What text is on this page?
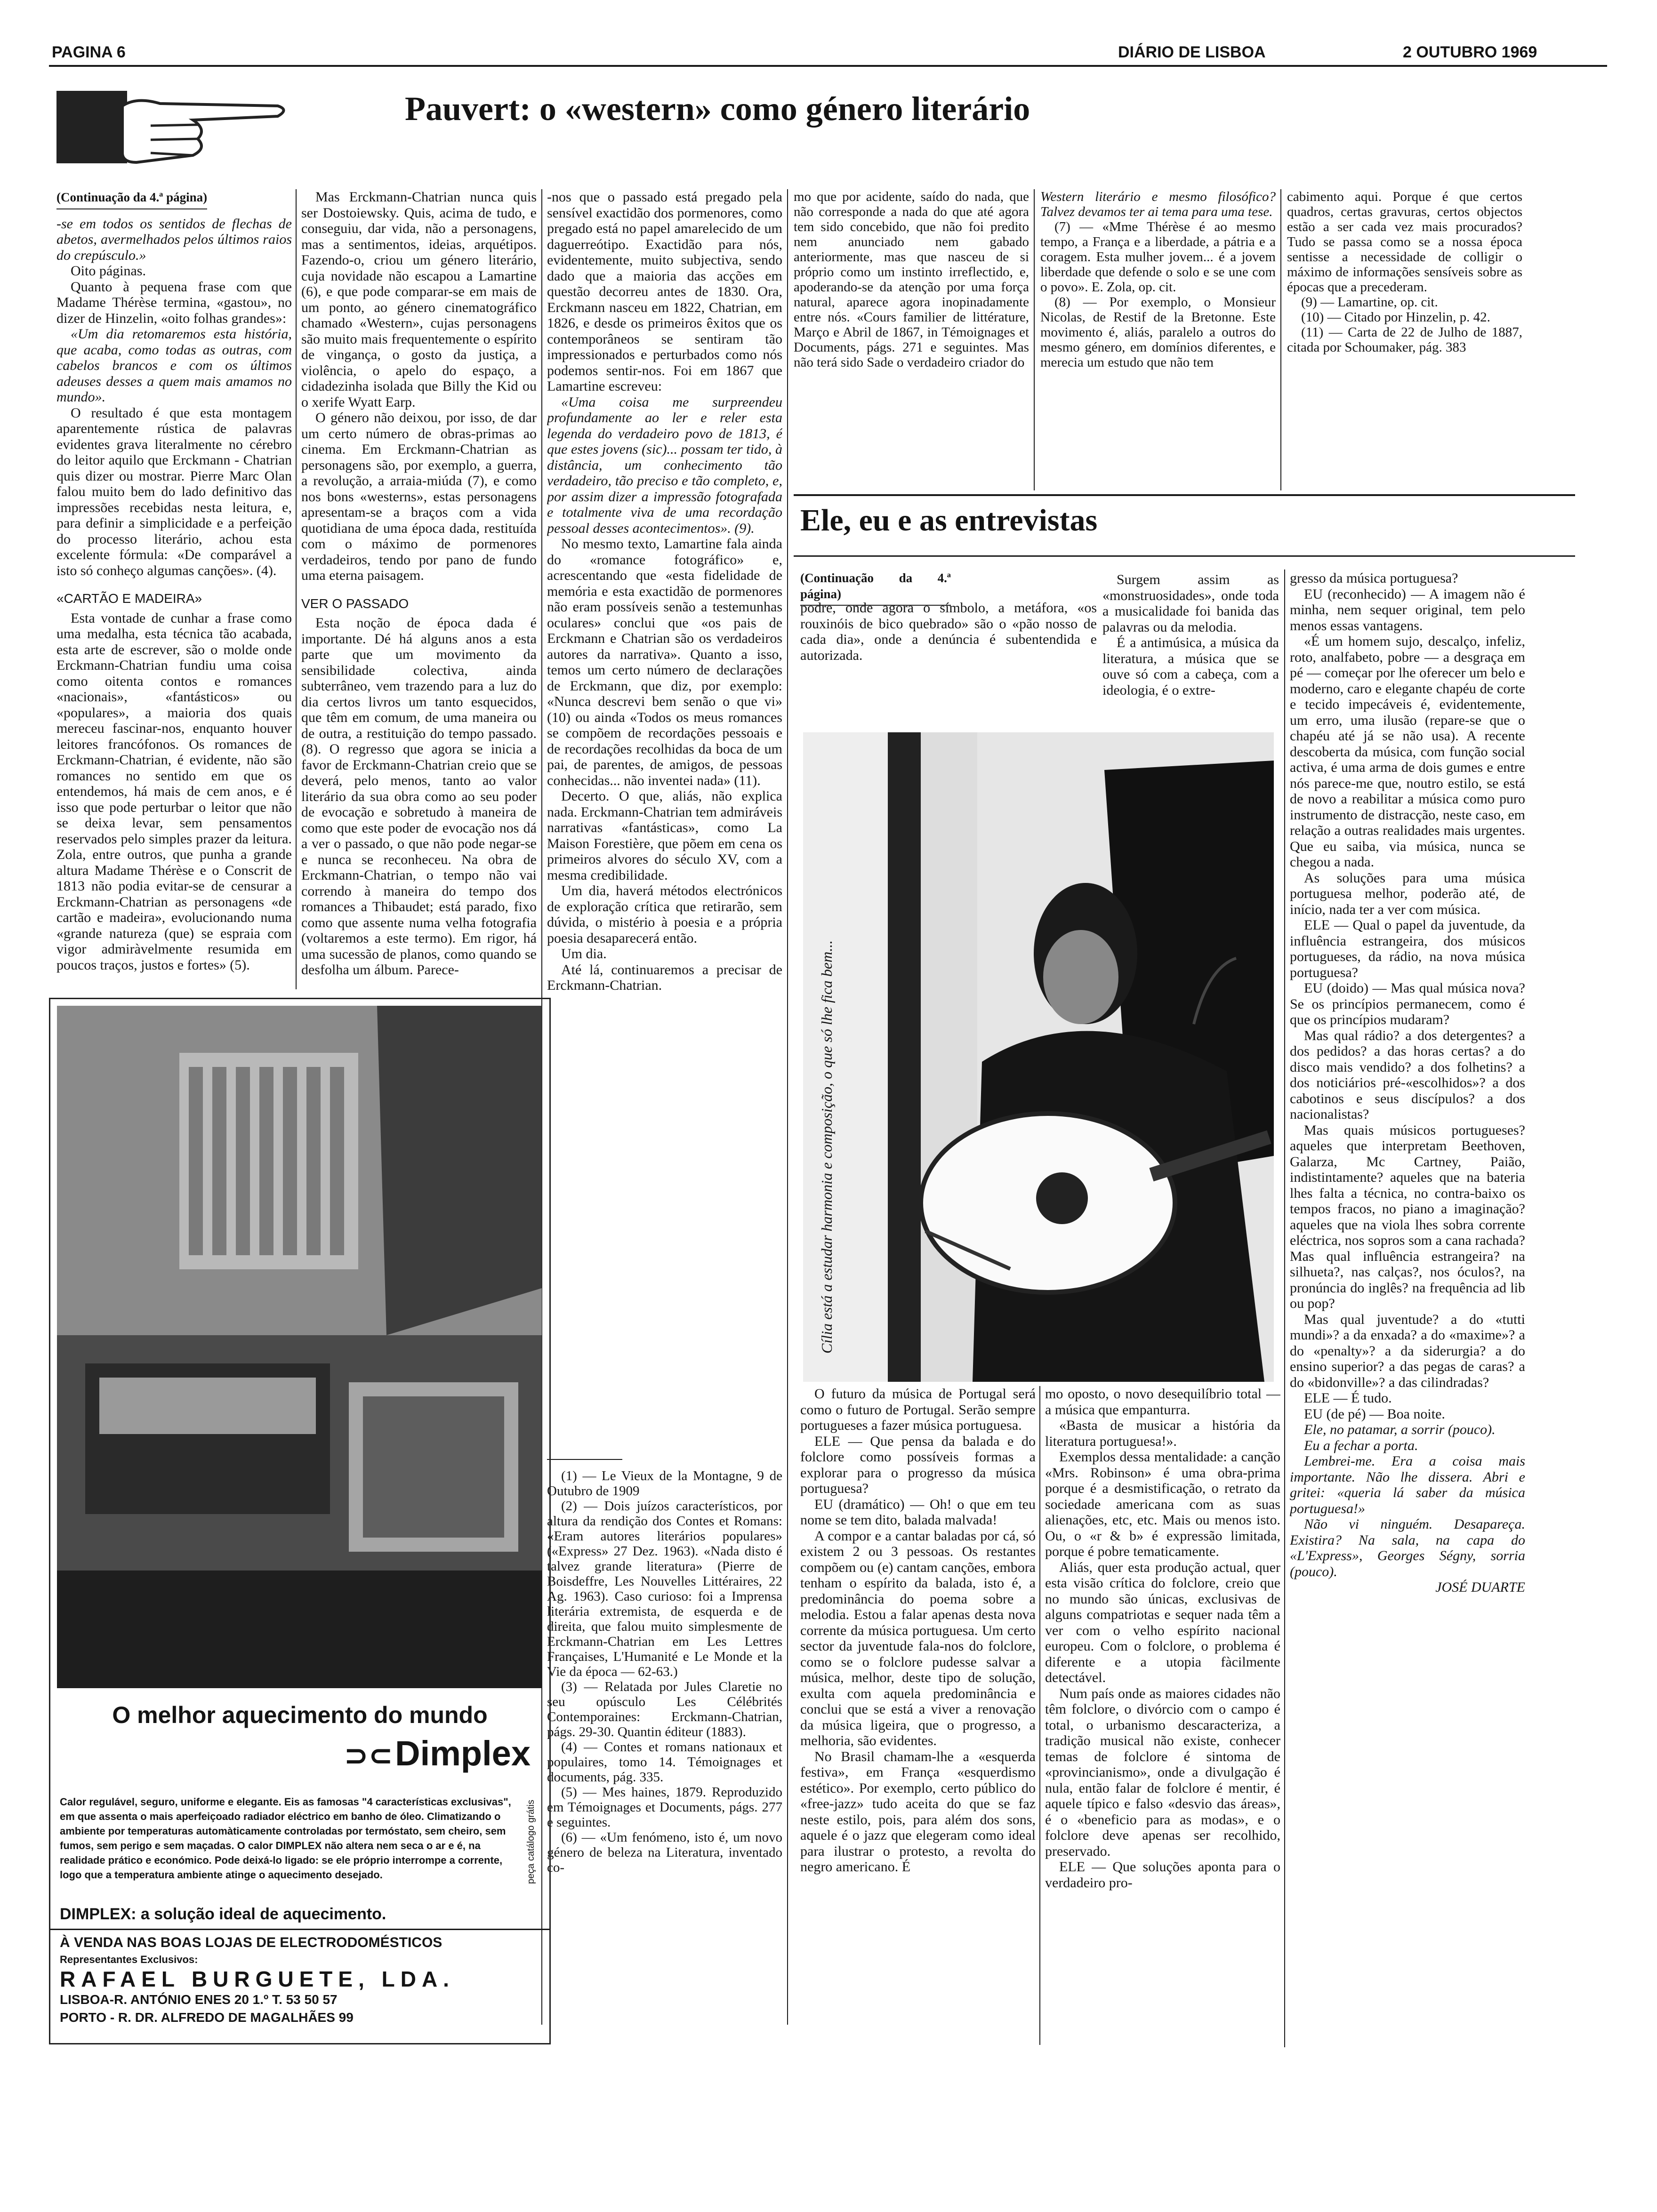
PAGINA 6	DIÁRIO DE LISBOA	2 OUTUBRO 1969
Pauvert: o «western» como género literário

(Continuação da 4.ª página)

-se em todos os sentidos de flechas de abetos, avermelhados pelos últimos raios do crepúsculo.»

Oito páginas.

Quanto à pequena frase com que Madame Thérèse termina, «gastou», no dizer de Hinzelin, «oito folhas grandes»:

«Um dia retomaremos esta história, que acaba, como todas as outras, com cabelos brancos e com os últimos adeuses desses a quem mais amamos no mundo».

O resultado é que esta montagem aparentemente rústica de palavras evidentes grava literalmente no cérebro do leitor aquilo que Erckmann - Chatrian quis dizer ou mostrar. Pierre Marc Olan falou muito bem do lado definitivo das impressões recebidas nesta leitura, e, para definir a simplicidade e a perfeição do processo literário, achou esta excelente fórmula: «De comparável a isto só conheço algumas canções». (4).

«CARTÃO E MADEIRA»

Esta vontade de cunhar a frase como uma medalha, esta técnica tão acabada, esta arte de escrever, são o molde onde Erckmann-Chatrian fundiu uma coisa como oitenta contos e romances «nacionais», «fantásticos» ou «populares», a maioria dos quais mereceu fascinar-nos, enquanto houver leitores francófonos. Os romances de Erckmann-Chatrian, é evidente, não são romances no sentido em que os entendemos, há mais de cem anos, e é isso que pode perturbar o leitor que não se deixa levar, sem pensamentos reservados pelo simples prazer da leitura. Zola, entre outros, que punha a grande altura Madame Thérèse e o Conscrit de 1813 não podia evitar-se de censurar a Erckmann-Chatrian as personagens «de cartão e madeira», evolucionando numa «grande natureza (que) se espraia com vigor admiràvelmente resumida em poucos traços, justos e fortes» (5).

Mas Erckmann-Chatrian nunca quis ser Dostoiewsky. Quis, acima de tudo, e conseguiu, dar vida, não a personagens, mas a sentimentos, ideias, arquétipos. Fazendo-o, criou um género literário, cuja novidade não escapou a Lamartine (6), e que pode comparar-se em mais de um ponto, ao género cinematográfico chamado «Western», cujas personagens são muito mais frequentemente o espírito de vingança, o gosto da justiça, a violência, o apelo do espaço, a cidadezinha isolada que Billy the Kid ou o xerife Wyatt Earp.

O género não deixou, por isso, de dar um certo número de obras-primas ao cinema. Em Erckmann-Chatrian as personagens são, por exemplo, a guerra, a revolução, a arraia-miúda (7), e como nos bons «westerns», estas personagens apresentam-se a braços com a vida quotidiana de uma época dada, restituída com o máximo de pormenores verdadeiros, tendo por pano de fundo uma eterna paisagem.

VER O PASSADO

Esta noção de época dada é importante. Dé há alguns anos a esta parte que um movimento da sensibilidade colectiva, ainda subterrâneo, vem trazendo para a luz do dia certos livros um tanto esquecidos, que têm em comum, de uma maneira ou de outra, a restituição do tempo passado. (8). O regresso que agora se inicia a favor de Erckmann-Chatrian creio que se deverá, pelo menos, tanto ao valor literário da sua obra como ao seu poder de evocação e sobretudo à maneira de como que este poder de evocação nos dá a ver o passado, o que não pode negar-se e nunca se reconheceu. Na obra de Erckmann-Chatrian, o tempo não vai correndo à maneira do tempo dos romances a Thibaudet; está parado, fixo como que assente numa velha fotografia (voltaremos a este termo). Em rigor, há uma sucessão de planos, como quando se desfolha um álbum. Parece-

-nos que o passado está pregado pela sensível exactidão dos pormenores, como pregado está no papel amarelecido de um daguerreótipo. Exactidão para nós, evidentemente, muito subjectiva, sendo dado que a maioria das acções em questão decorreu antes de 1830. Ora, Erckmann nasceu em 1822, Chatrian, em 1826, e desde os primeiros êxitos que os contemporâneos se sentiram tão impressionados e perturbados como nós podemos sentir-nos. Foi em 1867 que Lamartine escreveu:

«Uma coisa me surpreendeu profundamente ao ler e reler esta legenda do verdadeiro povo de 1813, é que estes jovens (sic)... possam ter tido, à distância, um conhecimento tão verdadeiro, tão preciso e tão completo, e, por assim dizer a impressão fotografada e totalmente viva de uma recordação pessoal desses acontecimentos». (9).

No mesmo texto, Lamartine fala ainda do «romance fotográfico» e, acrescentando que «esta fidelidade de memória e esta exactidão de pormenores não eram possíveis senão a testemunhas oculares» conclui que «os pais de Erckmann e Chatrian são os verdadeiros autores da narrativa». Quanto a isso, temos um certo número de declarações de Erckmann, que diz, por exemplo: «Nunca descrevi bem senão o que vi» (10) ou ainda «Todos os meus romances se compõem de recordações pessoais e de recordações recolhidas da boca de um pai, de parentes, de amigos, de pessoas conhecidas... não inventei nada» (11).

Decerto. O que, aliás, não explica nada. Erckmann-Chatrian tem admiráveis narrativas «fantásticas», como La Maison Forestière, que põem em cena os primeiros alvores do século XV, com a mesma credibilidade.

Um dia, haverá métodos electrónicos de exploração crítica que retirarão, sem dúvida, o mistério à poesia e a própria poesia desaparecerá então.

Um dia.

Até lá, continuaremos a precisar de Erckmann-Chatrian.

(1) — Le Vieux de la Montagne, 9 de Outubro de 1909

(2) — Dois juízos característicos, por altura da rendição dos Contes et Romans: «Eram autores literários populares» («Express» 27 Dez. 1963). «Nada disto é talvez grande literatura» (Pierre de Boisdeffre, Les Nouvelles Littéraires, 22 Ag. 1963). Caso curioso: foi a Imprensa literária extremista, de esquerda e de direita, que falou muito simplesmente de Erckmann-Chatrian em Les Lettres Françaises, L'Humanité e Le Monde et la Vie da época — 62-63.)

(3) — Relatada por Jules Claretie no seu opúsculo Les Célébrités Contemporaines: Erckmann-Chatrian, págs. 29-30. Quantin éditeur (1883).

(4) — Contes et romans nationaux et populaires, tomo 14. Témoignages et documents, pág. 335.

(5) — Mes haines, 1879. Reproduzido em Témoignages et Documents, págs. 277 e seguintes.

(6) — «Um fenómeno, isto é, um novo género de beleza na Literatura, inventado co-

mo que por acidente, saído do nada, que não corresponde a nada do que até agora tem sido concebido, que não foi predito nem anunciado nem gabado anteriormente, mas que nasceu de si próprio como um instinto irreflectido, e, apoderando-se da atenção por uma força natural, aparece agora inopinadamente entre nós. «Cours familier de littérature, Março e Abril de 1867, in Témoignages et Documents, págs. 271 e seguintes. Mas não terá sido Sade o verdadeiro criador do

Western literário e mesmo filosófico? Talvez devamos ter ai tema para uma tese.

(7) — «Mme Thérèse é ao mesmo tempo, a França e a liberdade, a pátria e a coragem. Esta mulher jovem... é a jovem liberdade que defende o solo e se une com o povo». E. Zola, op. cit.

(8) — Por exemplo, o Monsieur Nicolas, de Restif de la Bretonne. Este movimento é, aliás, paralelo a outros do mesmo género, em domínios diferentes, e merecia um estudo que não tem

cabimento aqui. Porque é que certos quadros, certas gravuras, certos objectos estão a ser cada vez mais procurados? Tudo se passa como se a nossa época sentisse a necessidade de colligir o máximo de informações sensíveis sobre as épocas que a precederam.

(9) — Lamartine, op. cit.

(10) — Citado por Hinzelin, p. 42.

(11) — Carta de 22 de Julho de 1887, citada por Schoumaker, pág. 383

Ele, eu e as entrevistas

(Continuação da 4.ª página)

podre, onde agora o símbolo, a metáfora, «os rouxinóis de bico quebrado» são o «pão nosso de cada dia», onde a denúncia é subentendida e autorizada.

Surgem assim as «monstruosidades», onde toda a musicalidade foi banida das palavras ou da melodia.

É a antimúsica, a música da literatura, a música que se ouve só com a cabeça, com a ideologia, é o extre-

Cília está a estudar harmonia e composição, o que só lhe fica bem...

O futuro da música de Portugal será como o futuro de Portugal. Serão sempre portugueses a fazer música portuguesa.

ELE — Que pensa da balada e do folclore como possíveis formas a explorar para o progresso da música portuguesa?

EU (dramático) — Oh! o que em teu nome se tem dito, balada malvada!

A compor e a cantar baladas por cá, só existem 2 ou 3 pessoas. Os restantes compõem ou (e) cantam canções, embora tenham o espírito da balada, isto é, a predominância do poema sobre a melodia. Estou a falar apenas desta nova corrente da música portuguesa. Um certo sector da juventude fala-nos do folclore, como se o folclore pudesse salvar a música, melhor, deste tipo de solução, exulta com aquela predominância e conclui que se está a viver a renovação da música ligeira, que o progresso, a melhoria, são evidentes.

No Brasil chamam-lhe a «esquerda festiva», em França «esquerdismo estético». Por exemplo, certo público do «free-jazz» tudo aceita do que se faz neste estilo, pois, para além dos sons, aquele é o jazz que elegeram como ideal para ilustrar o protesto, a revolta do negro americano. É

mo oposto, o novo desequilíbrio total — a música que empanturra.

«Basta de musicar a história da literatura portuguesa!».

Exemplos dessa mentalidade: a canção «Mrs. Robinson» é uma obra-prima porque é a desmistificação, o retrato da sociedade americana com as suas alienações, etc, etc. Mais ou menos isto. Ou, o «r & b» é expressão limitada, porque é pobre tematicamente.

Aliás, quer esta produção actual, quer esta visão crítica do folclore, creio que no mundo são únicas, exclusivas de alguns compatriotas e sequer nada têm a ver com o velho espírito nacional europeu. Com o folclore, o problema é diferente e a utopia fàcilmente detectável.

Num país onde as maiores cidades não têm folclore, o divórcio com o campo é total, o urbanismo descaracteriza, a tradição musical não existe, conhecer temas de folclore é sintoma de «provincianismo», onde a divulgação é nula, então falar de folclore é mentir, é aquele típico e falso «desvio das áreas», é o «beneficio para as modas», e o folclore deve apenas ser recolhido, preservado.

ELE — Que soluções aponta para o verdadeiro pro-

gresso da música portuguesa?

EU (reconhecido) — A imagem não é minha, nem sequer original, tem pelo menos essas vantagens.

«É um homem sujo, descalço, infeliz, roto, analfabeto, pobre — a desgraça em pé — começar por lhe oferecer um belo e moderno, caro e elegante chapéu de corte e tecido impecáveis é, evidentemente, um erro, uma ilusão (repare-se que o chapéu até já se não usa). A recente descoberta da música, com função social activa, é uma arma de dois gumes e entre nós parece-me que, noutro estilo, se está de novo a reabilitar a música como puro instrumento de distracção, neste caso, em relação a outras realidades mais urgentes. Que eu saiba, via música, nunca se chegou a nada.

As soluções para uma música portuguesa melhor, poderão até, de início, nada ter a ver com música.

ELE — Qual o papel da juventude, da influência estrangeira, dos músicos portugueses, da rádio, na nova música portuguesa?

EU (doido) — Mas qual música nova? Se os princípios permanecem, como é que os princípios mudaram?

Mas qual rádio? a dos detergentes? a dos pedidos? a das horas certas? a do disco mais vendido? a dos folhetins? a dos noticiários pré-«escolhidos»? a dos cabotinos e seus discípulos? a dos nacionalistas?

Mas quais músicos portugueses? aqueles que interpretam Beethoven, Galarza, Mc Cartney, Paião, indistintamente? aqueles que na bateria lhes falta a técnica, no contra-baixo os tempos fracos, no piano a imaginação? aqueles que na viola lhes sobra corrente eléctrica, nos sopros som a cana rachada? Mas qual influência estrangeira? na silhueta?, nas calças?, nos óculos?, na pronúncia do inglês? na frequência ad lib ou pop?

Mas qual juventude? a do «tutti mundi»? a da enxada? a do «maxime»? a do «penalty»? a da siderurgia? a do ensino superior? a das pegas de caras? a do «bidonville»? a das cilindradas?

ELE — É tudo.

EU (de pé) — Boa noite.

Ele, no patamar, a sorrir (pouco).

Eu a fechar a porta.

Lembrei-me. Era a coisa mais importante. Não lhe dissera. Abri e gritei: «queria lá saber da música portuguesa!»

Não vi ninguém. Desapareça. Existira? Na sala, na capa do «L'Express», Georges Ségny, sorria (pouco).

JOSÉ DUARTE

O melhor aquecimento do mundo
⊃⊂ Dimplex
Calor regulável, seguro, uniforme e elegante. Eis as famosas "4 características exclusivas", em que assenta o mais aperfeiçoado radiador eléctrico em banho de óleo. Climatizando o ambiente por temperaturas automàticamente controladas por termóstato, sem cheiro, sem fumos, sem perigo e sem maçadas. O calor DIMPLEX não altera nem seca o ar e é, na realidade prático e económico. Pode deixá-lo ligado: se ele próprio interrompe a corrente, logo que a temperatura ambiente atinge o aquecimento desejado.	peça catálogo grátis
DIMPLEX: a solução ideal de aquecimento.
À VENDA NAS BOAS LOJAS DE ELECTRODOMÉSTICOS
Representantes Exclusivos:
RAFAEL BURGUETE, LDA.
LISBOA-R. ANTÓNIO ENES 20 1.º T. 53 50 57
PORTO - R. DR. ALFREDO DE MAGALHÃES 99
